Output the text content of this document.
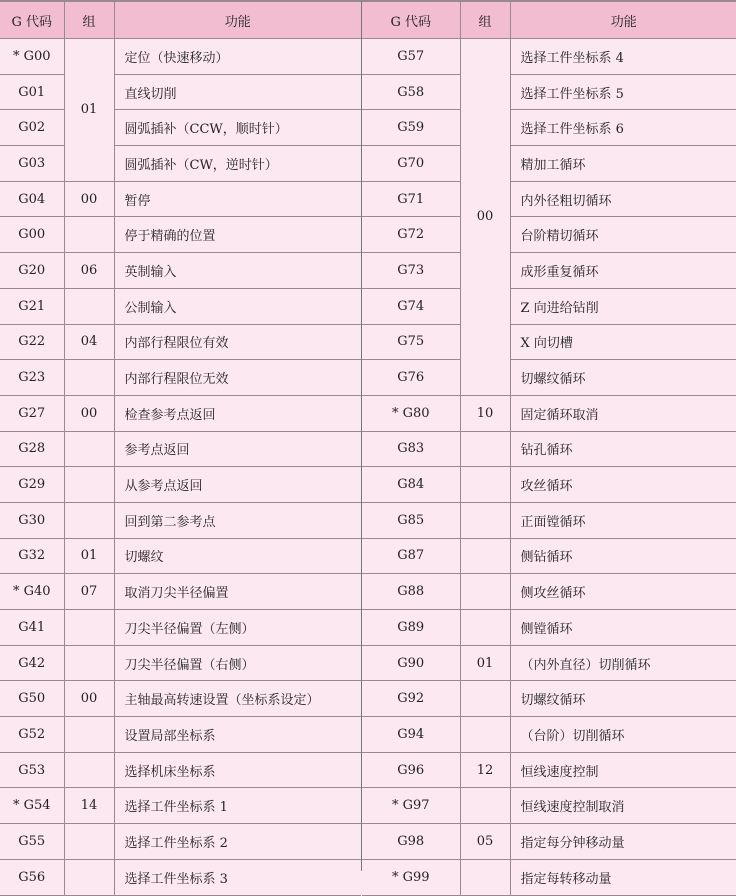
G 代码	组	功能
* G00	01	定位（快速移动）
G01		直线切削
G02		圆弧插补（CCW，顺时针）
G03		圆弧插补（CW，逆时针）
G04	00	暂停
G00		停于精确的位置
G20	06	英制输入
G21		公制输入
G22	04	内部行程限位有效
G23		内部行程限位无效
G27	00	检查参考点返回
G28		参考点返回
G29		从参考点返回
G30		回到第二参考点
G32	01	切螺纹
* G40	07	取消刀尖半径偏置
G41		刀尖半径偏置（左侧）
G42		刀尖半径偏置（右侧）
G50	00	主轴最高转速设置（坐标系设定）
G52		设置局部坐标系
G53		选择机床坐标系
* G54	14	选择工件坐标系 1
G55		选择工件坐标系 2
G56		选择工件坐标系 3
G 代码	组	功能
G57	00	选择工件坐标系 4
G58		选择工件坐标系 5
G59		选择工件坐标系 6
G70		精加工循环
G71		内外径粗切循环
G72		台阶精切循环
G73		成形重复循环
G74		Z 向进给钻削
G75		X 向切槽
G76		切螺纹循环
* G80	10	固定循环取消
G83		钻孔循环
G84		攻丝循环
G85		正面镗循环
G87		侧钻循环
G88		侧攻丝循环
G89		侧镗循环
G90	01	（内外直径）切削循环
G92		切螺纹循环
G94		（台阶）切削循环
G96	12	恒线速度控制
* G97		恒线速度控制取消
G98	05	指定每分钟移动量
* G99		指定每转移动量
